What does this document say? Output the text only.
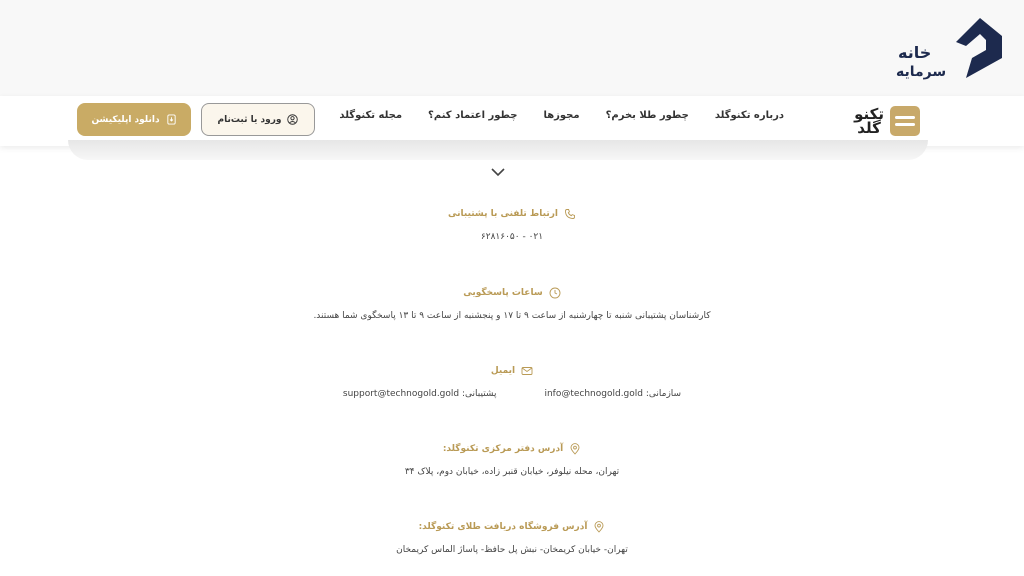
خانه
سرمایه
تکنو
گلد
درباره تکنوگلد
چطور طلا بخرم؟
مجوزها
چطور اعتماد کنم؟
مجله تکنوگلد
ورود یا ثبت‌نام
دانلود اپلیکیشن
ارتباط تلفنی با پشتیبانی
۰۲۱ - ۶۲۸۱۶۰۵۰
ساعات پاسخگویی
کارشناسان پشتیبانی شنبه تا چهارشنبه از ساعت ۹ تا ۱۷ و پنجشنبه از ساعت ۹ تا ۱۳ پاسخگوی شما هستند.
ایمیل
سازمانی: info@technogold.gold
پشتیبانی: support@technogold.gold
آدرس دفتر مرکزی تکنوگلد:
تهران، محله نیلوفر، خیابان قنبر زاده، خیابان دوم، پلاک ۳۴
آدرس فروشگاه دریافت طلای تکنوگلد:
تهران- خیابان کریمخان- نبش پل حافظ- پاساژ الماس کریمخان
